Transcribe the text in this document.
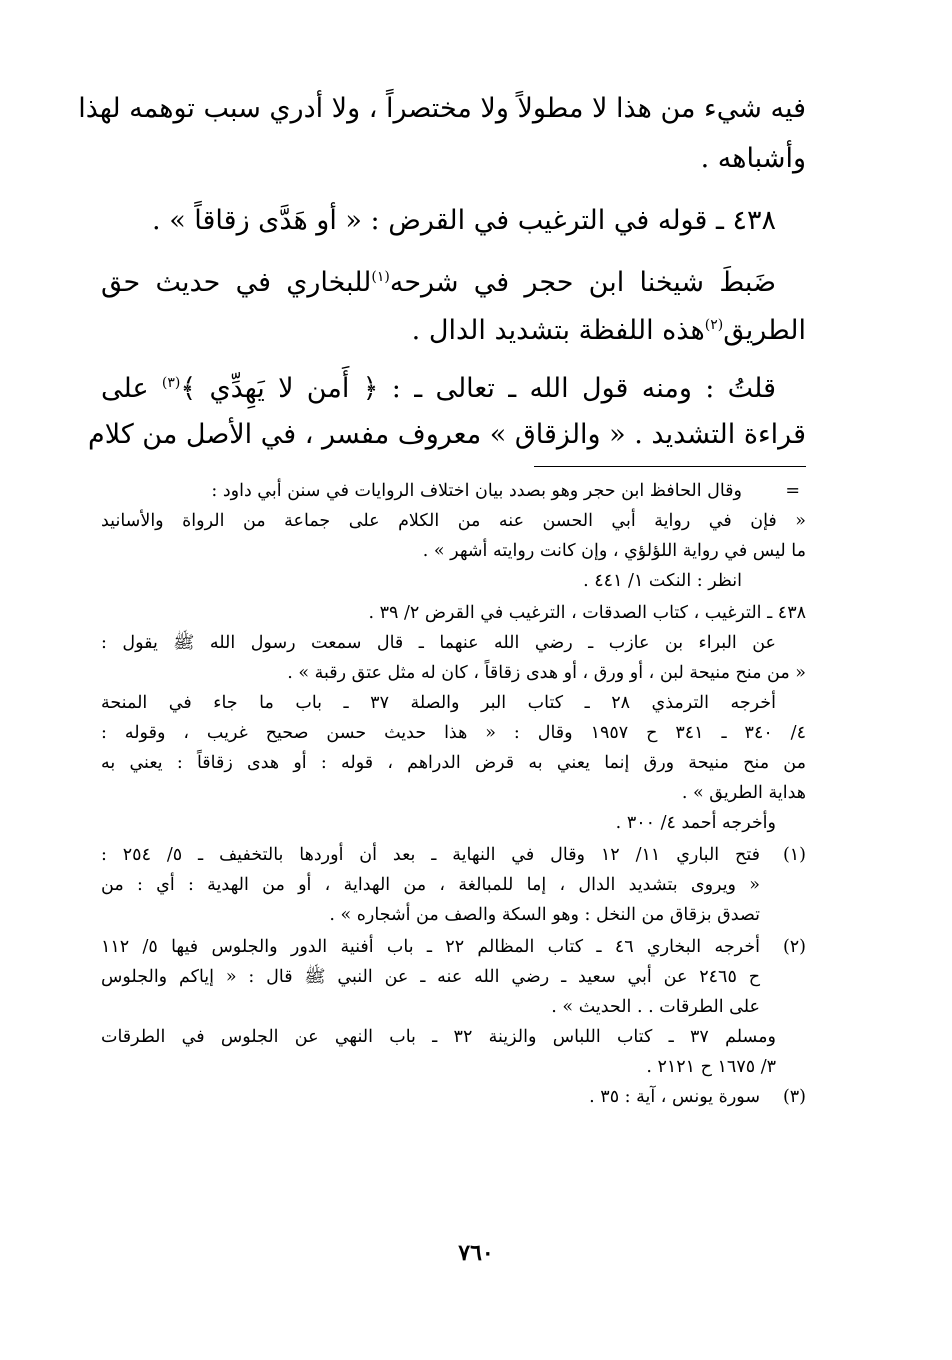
فيه شيء من هذا لا مطولاً ولا مختصراً ، ولا أدري سبب توهمه لهذا
وأشباهه .
٤٣٨ ـ قوله في الترغيب في القرض : « أو هَدَّى زقاقاً » .
ضَبطَ شيخنا ابن حجر في شرحه$^{(١)}$للبخاري في حديث حق
الطريق$^{(٢)}$هذه اللفظة بتشديد الدال .
قلتُ : ومنه قول الله ـ تعالى ـ : ﴿ أَمن لا يَهِدِّي ﴾$^{(٣)}$ على
قراءة التشديد . « والزقاق » معروف مفسر ، في الأصل من كلام
=
وقال الحافظ ابن حجر وهو بصدد بيان اختلاف الروايات في سنن أبي داود :
« فإن في رواية أبي الحسن عنه من الكلام على جماعة من الرواة والأسانيد
ما ليس في رواية اللؤلؤي ، وإن كانت روايته أشهر » .
انظر : النكت ١/ ٤٤١ .
٤٣٨ ـ الترغيب ، كتاب الصدقات ، الترغيب في القرض ٢/ ٣٩ .
عن البراء بن عازب ـ رضي الله عنهما ـ قال سمعت رسول الله ﷺ يقول :
« من منح منيحة لبن ، أو ورق ، أو هدى زقاقاً ، كان له مثل عتق رقبة » .
أخرجه الترمذي ٢٨ ـ كتاب البر والصلة ٣٧ ـ باب ما جاء في المنحة
٤/ ٣٤٠ ـ ٣٤١ ح ١٩٥٧ وقال : « هذا حديث حسن صحيح غريب ، وقوله :
من منح منيحة ورق إنما يعني به قرض الدراهم ، قوله : أو هدى زقاقاً : يعني به
هداية الطريق » .
وأخرجه أحمد ٤/ ٣٠٠ .
(١)
فتح الباري ١١/ ١٢ وقال في النهاية ـ بعد أن أوردها بالتخفيف ـ ٥/ ٢٥٤ :
« ويروى بتشديد الدال ، إما للمبالغة ، من الهداية ، أو من الهدية : أي : من
تصدق بزقاق من النخل : وهو السكة والصف من أشجاره » .
(٢)
أخرجه البخاري ٤٦ ـ كتاب المظالم ٢٢ ـ باب أفنية الدور والجلوس فيها ٥/ ١١٢
ح ٢٤٦٥ عن أبي سعيد ـ رضي الله عنه ـ عن النبي ﷺ قال : « إياكم والجلوس
على الطرقات . . الحديث » .
ومسلم ٣٧ ـ كتاب اللباس والزينة ٣٢ ـ باب النهي عن الجلوس في الطرقات
٣/ ١٦٧٥ ح ٢١٢١ .
(٣)
سورة يونس ، آية : ٣٥ .
٧٦٠
